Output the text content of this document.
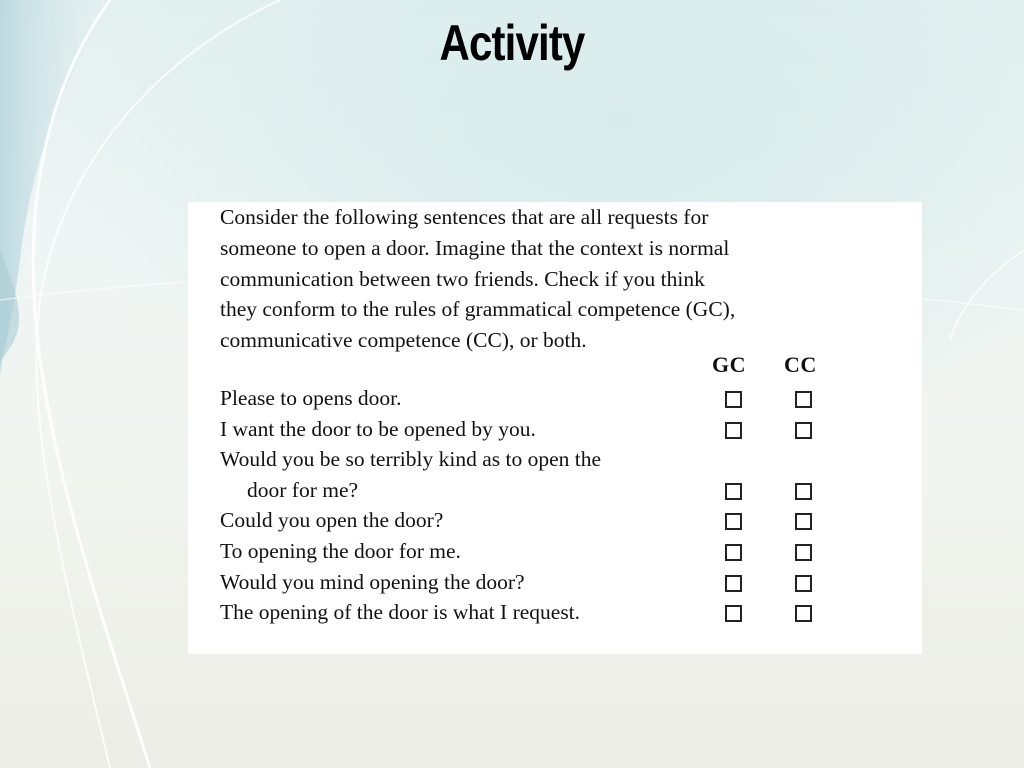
Activity
Consider the following sentences that are all requests for
someone to open a door. Imagine that the context is normal
communication between two friends. Check if you think
they conform to the rules of grammatical competence (GC),
communicative competence (CC), or both.
GC CC
Please to opens door.
I want the door to be opened by you.
Would you be so terribly kind as to open the
door for me?
Could you open the door?
To opening the door for me.
Would you mind opening the door?
The opening of the door is what I request.
